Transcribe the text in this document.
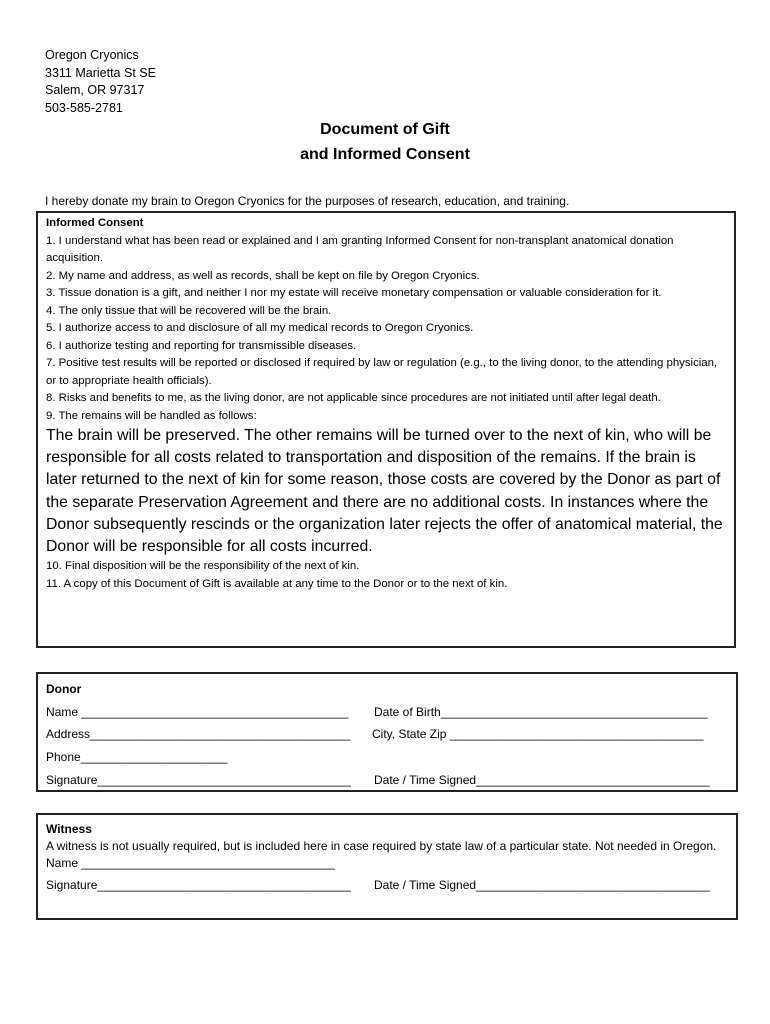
Oregon Cryonics
3311 Marietta St SE
Salem, OR 97317
503-585-2781
Document of Gift
and Informed Consent
I hereby donate my brain to Oregon Cryonics for the purposes of research, education, and training.
Informed Consent
1. I understand what has been read or explained and I am granting Informed Consent for non-transplant anatomical donation acquisition.
2. My name and address, as well as records, shall be kept on file by Oregon Cryonics.
3. Tissue donation is a gift, and neither I nor my estate will receive monetary compensation or valuable consideration for it.
4. The only tissue that will be recovered will be the brain.
5. I authorize access to and disclosure of all my medical records to Oregon Cryonics.
6. I authorize testing and reporting for transmissible diseases.
7. Positive test results will be reported or disclosed if required by law or regulation (e.g., to the living donor, to the attending physician, or to appropriate health officials).
8. Risks and benefits to me, as the living donor, are not applicable since procedures are not initiated until after legal death.
9. The remains will be handled as follows:
The brain will be preserved. The other remains will be turned over to the next of kin, who will be responsible for all costs related to transportation and disposition of the remains. If the brain is later returned to the next of kin for some reason, those costs are covered by the Donor as part of the separate Preservation Agreement and there are no additional costs. In instances where the Donor subsequently rescinds or the organization later rejects the offer of anatomical material, the Donor will be responsible for all costs incurred.
10. Final disposition will be the responsibility of the next of kin.
11. A copy of this Document of Gift is available at any time to the Donor or to the next of kin.
Donor
Name ________________________________________ Date of Birth________________________________________
Address_______________________________________ City, State Zip ______________________________________
Phone______________________
Signature______________________________________ Date / Time Signed___________________________________
Witness
A witness is not usually required, but is included here in case required by state law of a particular state. Not needed in Oregon.
Name ______________________________________
Signature______________________________________ Date / Time Signed___________________________________
